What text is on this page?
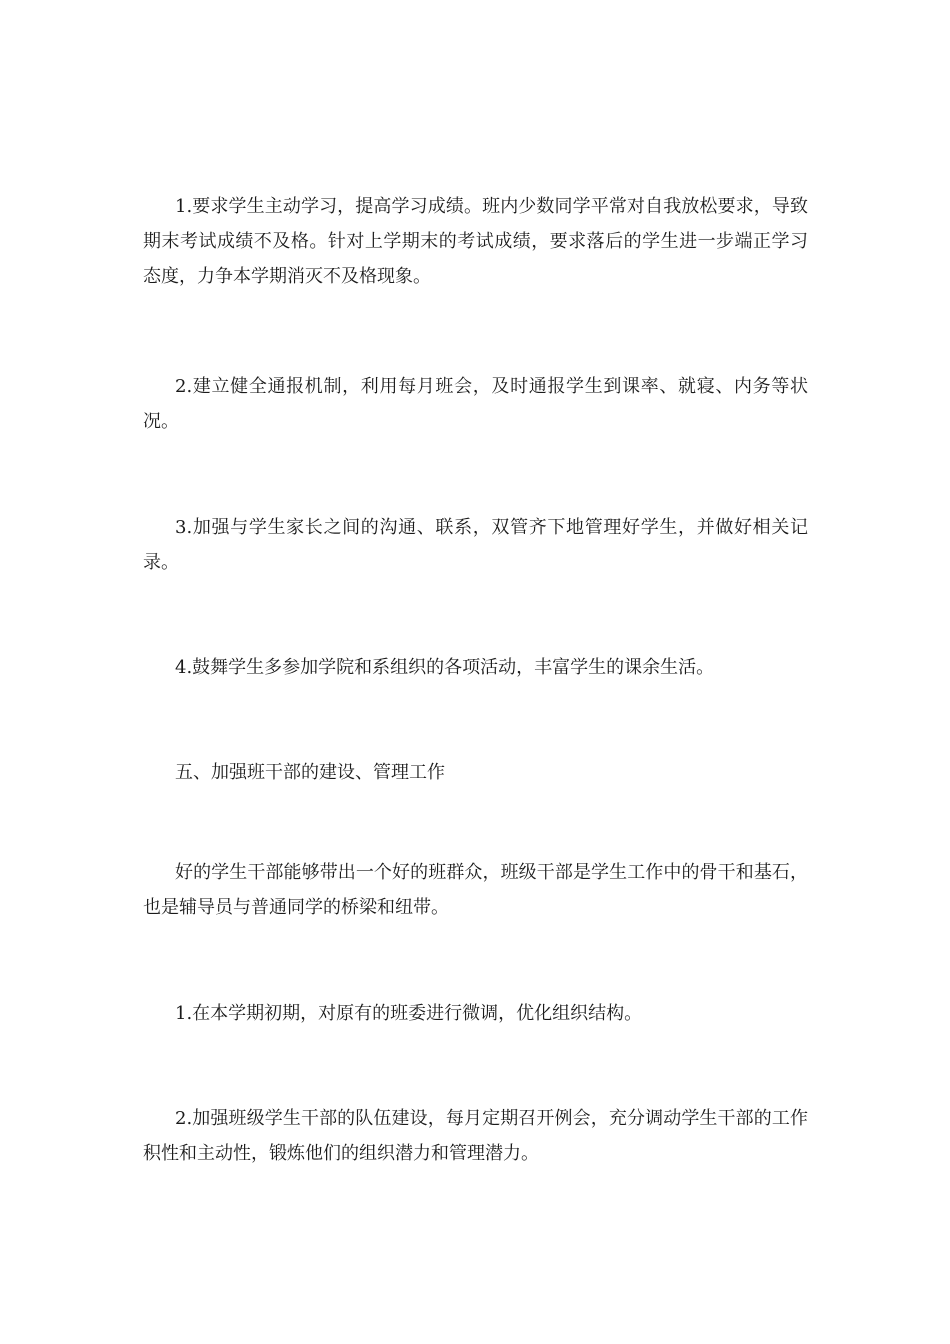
1.要求学生主动学习，提高学习成绩。班内少数同学平常对自我放松要求，导致期末考试成绩不及格。针对上学期末的考试成绩，要求落后的学生进一步端正学习态度，力争本学期消灭不及格现象。

2.建立健全通报机制，利用每月班会，及时通报学生到课率、就寝、内务等状况。

3.加强与学生家长之间的沟通、联系，双管齐下地管理好学生，并做好相关记录。

4.鼓舞学生多参加学院和系组织的各项活动，丰富学生的课余生活。

五、加强班干部的建设、管理工作

好的学生干部能够带出一个好的班群众，班级干部是学生工作中的骨干和基石，也是辅导员与普通同学的桥梁和纽带。

1.在本学期初期，对原有的班委进行微调，优化组织结构。

2.加强班级学生干部的队伍建设，每月定期召开例会，充分调动学生干部的工作积性和主动性，锻炼他们的组织潜力和管理潜力。
